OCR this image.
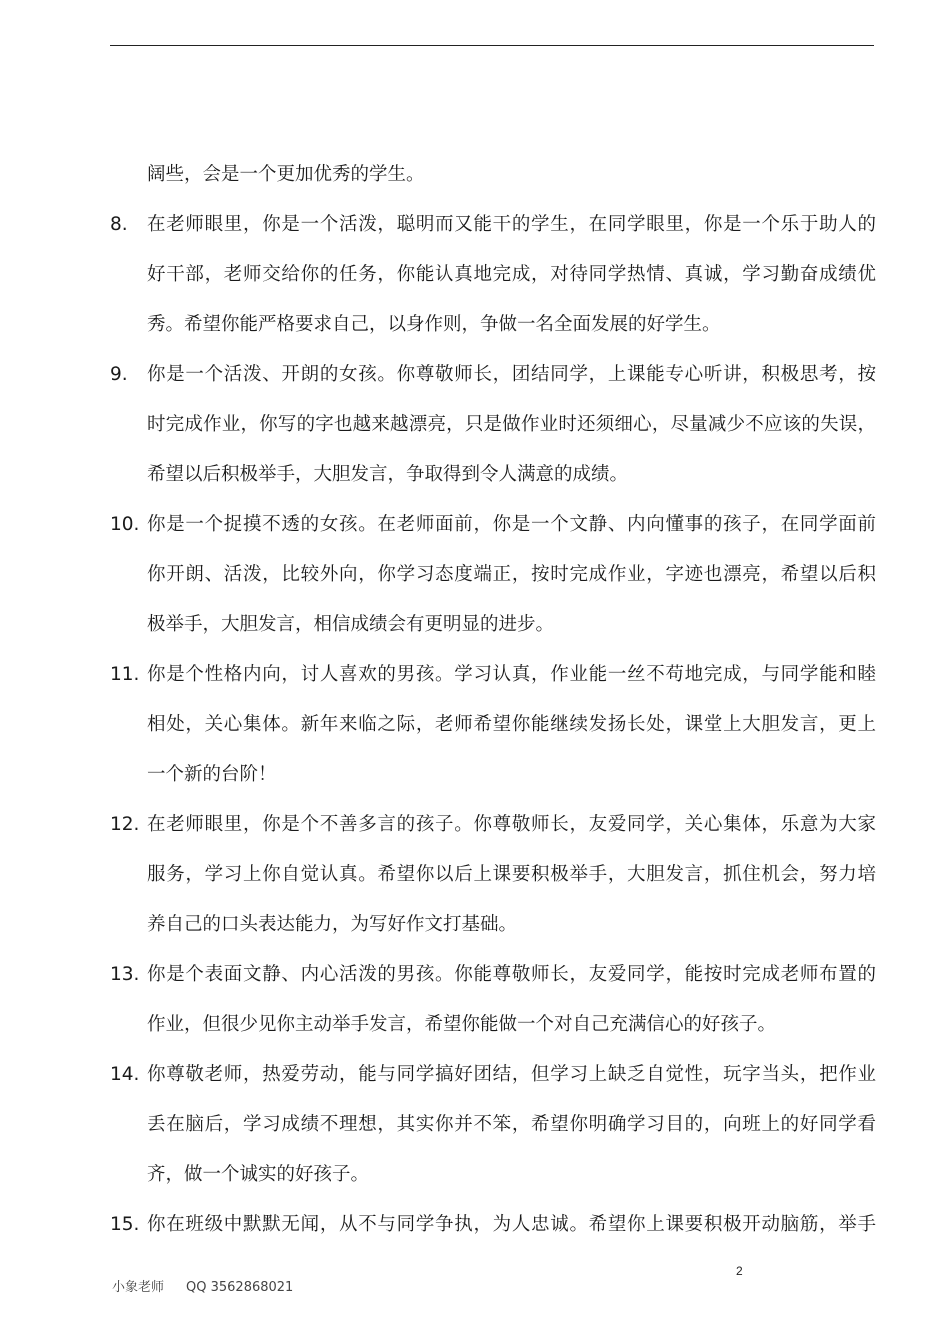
阔些，会是一个更加优秀的学生。
8. 在老师眼里，你是一个活泼，聪明而又能干的学生，在同学眼里，你是一个乐于助人的
好干部，老师交给你的任务，你能认真地完成，对待同学热情、真诚，学习勤奋成绩优
秀。希望你能严格要求自己，以身作则，争做一名全面发展的好学生。
9. 你是一个活泼、开朗的女孩。你尊敬师长，团结同学，上课能专心听讲，积极思考，按
时完成作业，你写的字也越来越漂亮，只是做作业时还须细心，尽量减少不应该的失误，
希望以后积极举手，大胆发言，争取得到令人满意的成绩。
10. 你是一个捉摸不透的女孩。在老师面前，你是一个文静、内向懂事的孩子，在同学面前
你开朗、活泼，比较外向，你学习态度端正，按时完成作业，字迹也漂亮，希望以后积
极举手，大胆发言，相信成绩会有更明显的进步。
11. 你是个性格内向，讨人喜欢的男孩。学习认真，作业能一丝不苟地完成，与同学能和睦
相处，关心集体。新年来临之际，老师希望你能继续发扬长处，课堂上大胆发言，更上
一个新的台阶！
12. 在老师眼里，你是个不善多言的孩子。你尊敬师长，友爱同学，关心集体，乐意为大家
服务，学习上你自觉认真。希望你以后上课要积极举手，大胆发言，抓住机会，努力培
养自己的口头表达能力，为写好作文打基础。
13. 你是个表面文静、内心活泼的男孩。你能尊敬师长，友爱同学，能按时完成老师布置的
作业，但很少见你主动举手发言，希望你能做一个对自己充满信心的好孩子。
14. 你尊敬老师，热爱劳动，能与同学搞好团结，但学习上缺乏自觉性，玩字当头，把作业
丢在脑后，学习成绩不理想，其实你并不笨，希望你明确学习目的，向班上的好同学看
齐，做一个诚实的好孩子。
15. 你在班级中默默无闻，从不与同学争执，为人忠诚。希望你上课要积极开动脑筋，举手
2
小象老师 QQ 3562868021
